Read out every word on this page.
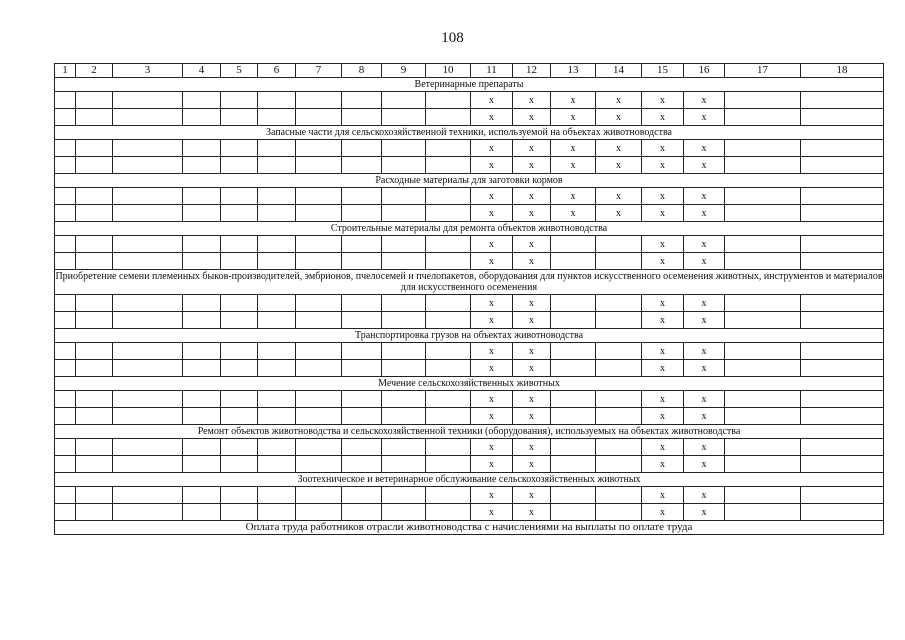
108
1	2	3	4	5	6	7	8	9	10	11	12	13	14	15	16	17	18
Ветеринарные препараты																	
										х	х	х	х	х	х		
										х	х	х	х	х	х		
Запасные части для сельскохозяйственной техники, используемой на объектах животноводства																	
										х	х	х	х	х	х		
										х	х	х	х	х	х		
Расходные материалы для заготовки кормов																	
										х	х	х	х	х	х		
										х	х	х	х	х	х		
Строительные материалы для ремонта объектов животноводства																	
										х	х			х	х		
										х	х			х	х		
Приобретение семени племенных быков-производителей, эмбрионов, пчелосемей и пчелопакетов, оборудования для пунктов искусственного осеменения животных, инструментов и материалов для искусственного осеменения																	
										х	х			х	х		
										х	х			х	х		
Транспортировка грузов на объектах животноводства																	
										х	х			х	х		
										х	х			х	х		
Мечение сельскохозяйственных животных																	
										х	х			х	х		
										х	х			х	х		
Ремонт объектов животноводства и сельскохозяйственной техники (оборудования), используемых на объектах животноводства																	
										х	х			х	х		
										х	х			х	х		
Зоотехническое и ветеринарное обслуживание сельскохозяйственных животных																	
										х	х			х	х		
										х	х			х	х		
Оплата труда работников отрасли животноводства с начислениями на выплаты по оплате труда																	
